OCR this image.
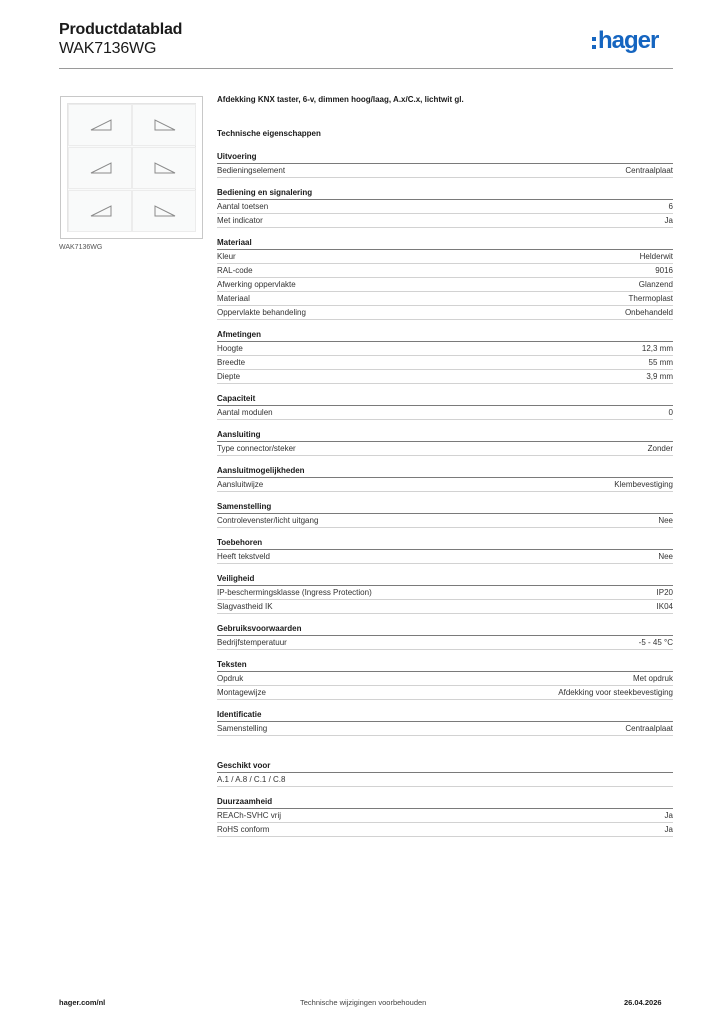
Productdatablad
WAK7136WG	hager
WAK7136WG
Afdekking KNX taster, 6-v, dimmen hoog/laag, A.x/C.x, lichtwit gl.
Technische eigenschappen
Uitvoering
Bedieningselement	Centraalplaat
Bediening en signalering
Aantal toetsen	6
Met indicator	Ja
Materiaal
Kleur	Helderwit
RAL-code	9016
Afwerking oppervlakte	Glanzend
Materiaal	Thermoplast
Oppervlakte behandeling	Onbehandeld
Afmetingen
Hoogte	12,3 mm
Breedte	55 mm
Diepte	3,9 mm
Capaciteit
Aantal modulen	0
Aansluiting
Type connector/steker	Zonder
Aansluitmogelijkheden
Aansluitwijze	Klembevestiging
Samenstelling
Controlevenster/licht uitgang	Nee
Toebehoren
Heeft tekstveld	Nee
Veiligheid
IP-beschermingsklasse (Ingress Protection)	IP20
Slagvastheid IK	IK04
Gebruiksvoorwaarden
Bedrijfstemperatuur	-5 - 45 °C
Teksten
Opdruk	Met opdruk
Montagewijze	Afdekking voor steekbevestiging
Identificatie
Samenstelling	Centraalplaat
Geschikt voor
A.1 / A.8 / C.1 / C.8
Duurzaamheid
REACh-SVHC vrij	Ja
RoHS conform	Ja
hager.com/nl	Technische wijzigingen voorbehouden	26.04.2026
